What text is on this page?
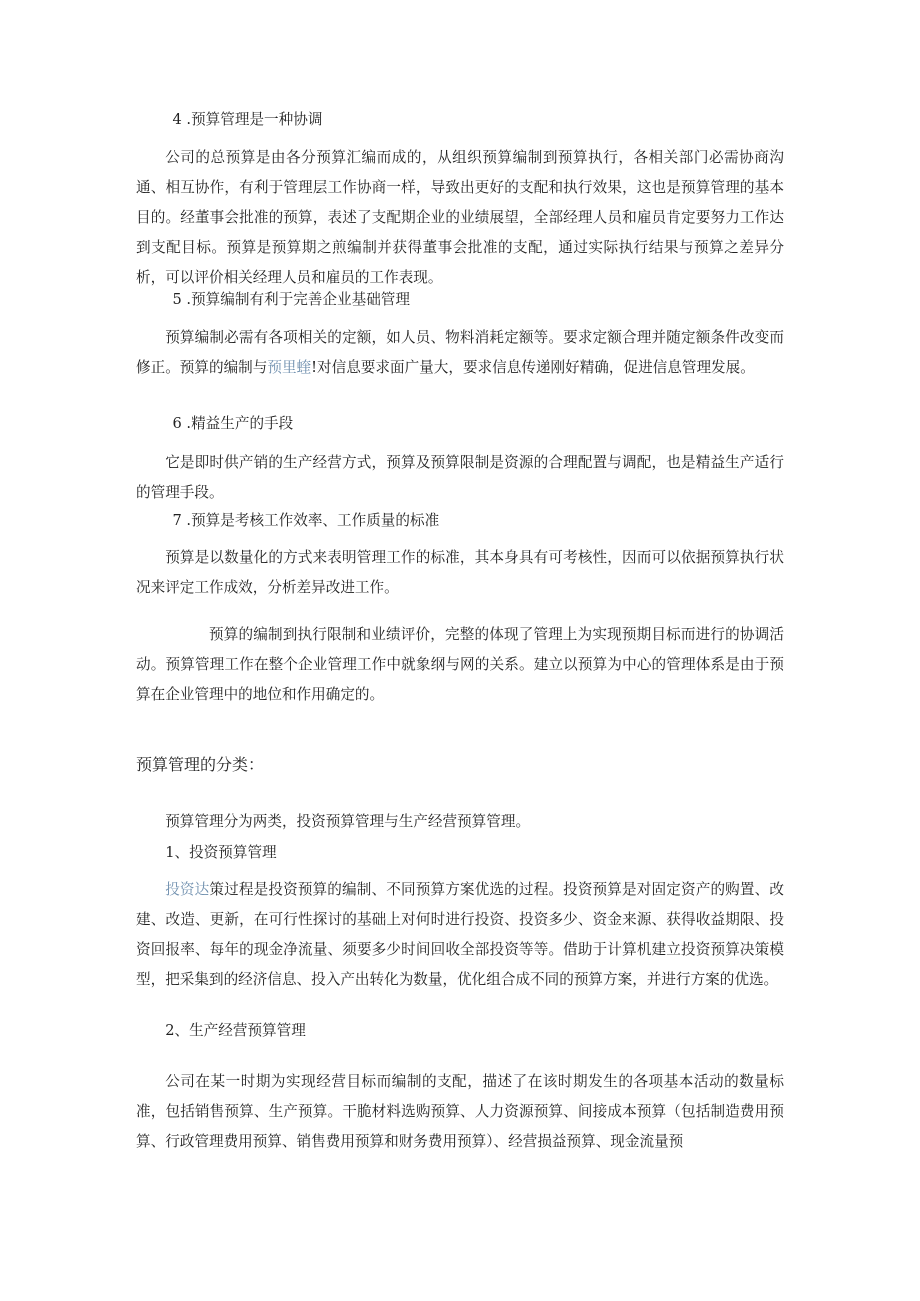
4 .预算管理是一种协调

公司的总预算是由各分预算汇编而成的，从组织预算编制到预算执行，各相关部门必需协商沟通、相互协作，有利于管理层工作协商一样，导致出更好的支配和执行效果，这也是预算管理的基本目的。经董事会批准的预算，表述了支配期企业的业绩展望，全部经理人员和雇员肯定要努力工作达到支配目标。预算是预算期之煎编制并获得董事会批准的支配，通过实际执行结果与预算之差异分析，可以评价相关经理人员和雇员的工作表现。

5 .预算编制有利于完善企业基础管理

预算编制必需有各项相关的定额，如人员、物料消耗定额等。要求定额合理并随定额条件改变而修正。预算的编制与预里蝰!对信息要求面广量大，要求信息传递刚好精确，促进信息管理发展。

6 .精益生产的手段

它是即时供产销的生产经营方式，预算及预算限制是资源的合理配置与调配，也是精益生产适行的管理手段。

7 .预算是考核工作效率、工作质量的标准

预算是以数量化的方式来表明管理工作的标准，其本身具有可考核性，因而可以依据预算执行状况来评定工作成效，分析差异改进工作。

预算的编制到执行限制和业绩评价，完整的体现了管理上为实现预期目标而进行的协调活动。预算管理工作在整个企业管理工作中就象纲与网的关系。建立以预算为中心的管理体系是由于预算在企业管理中的地位和作用确定的。

预算管理的分类：

预算管理分为两类，投资预算管理与生产经营预算管理。

1、投资预算管理

投资达策过程是投资预算的编制、不同预算方案优选的过程。投资预算是对固定资产的购置、改建、改造、更新，在可行性探讨的基础上对何时进行投资、投资多少、资金来源、获得收益期限、投资回报率、每年的现金净流量、须要多少时间回收全部投资等等。借助于计算机建立投资预算决策模型，把采集到的经济信息、投入产出转化为数量，优化组合成不同的预算方案，并进行方案的优选。

2、生产经营预算管理

公司在某一时期为实现经营目标而编制的支配，描述了在该时期发生的各项基本活动的数量标准，包括销售预算、生产预算。干脆材料选购预算、人力资源预算、间接成本预算（包括制造费用预算、行政管理费用预算、销售费用预算和财务费用预算）、经营损益预算、现金流量预
